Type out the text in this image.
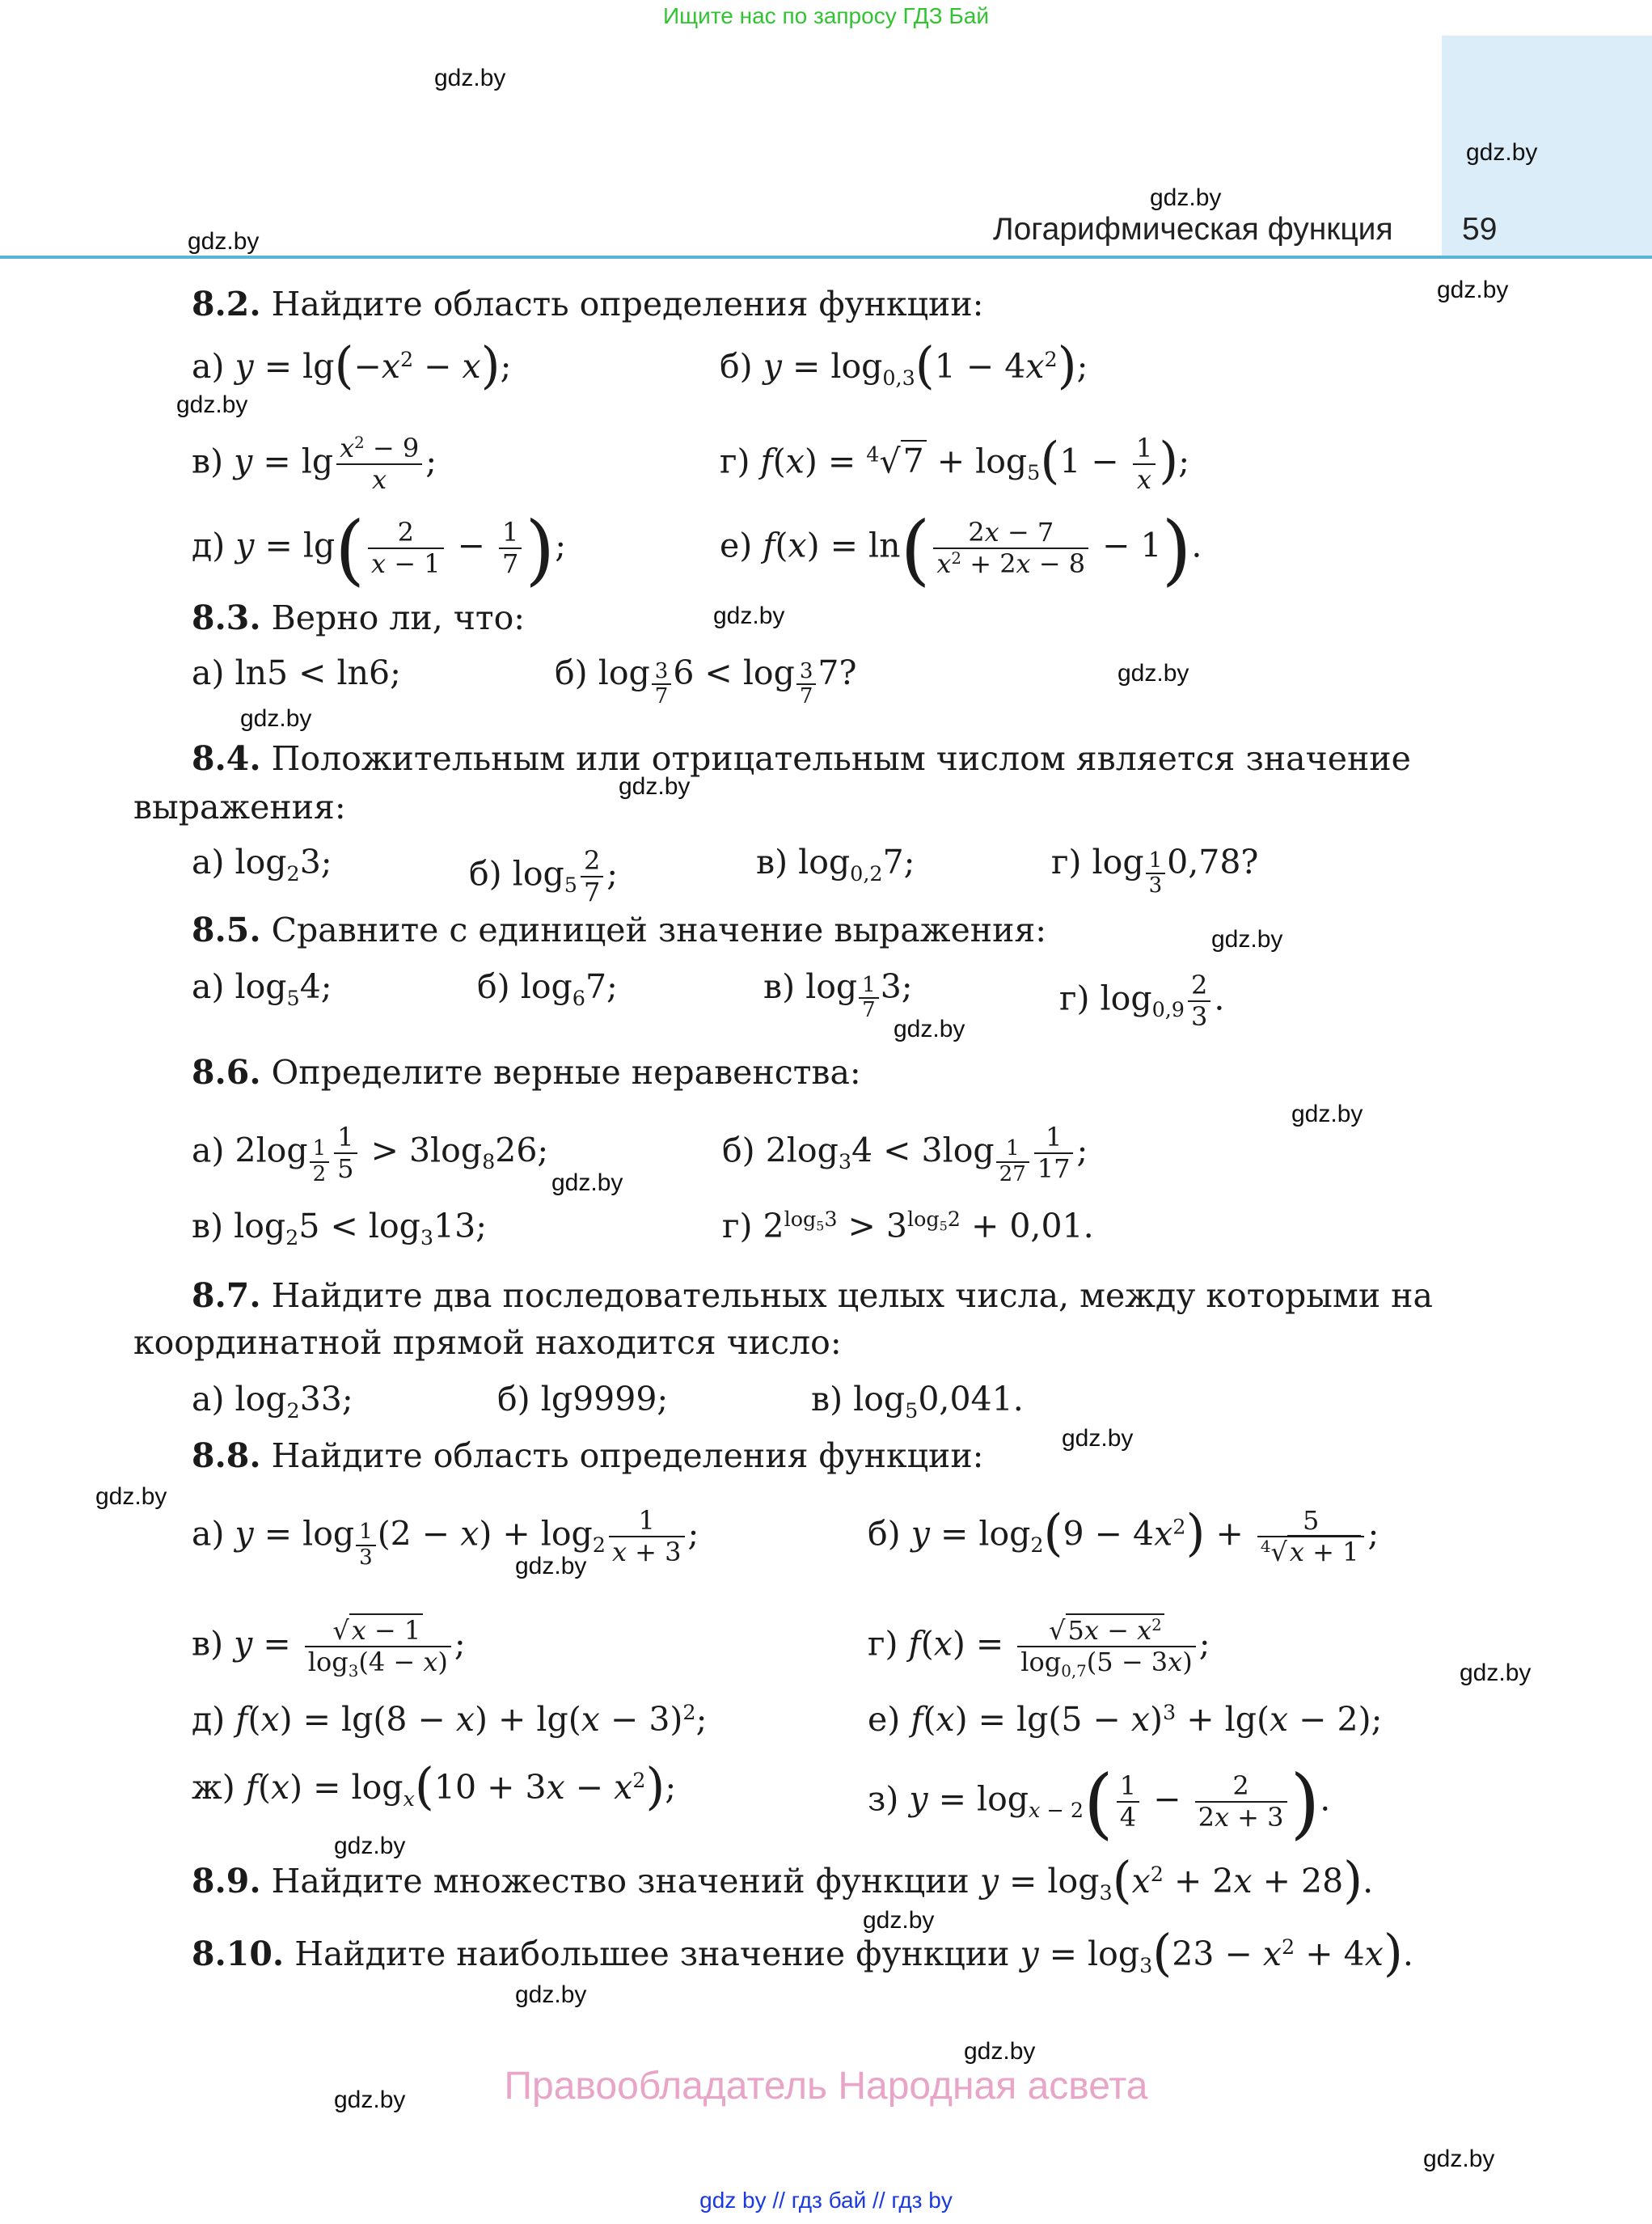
Ищите нас по запросу ГДЗ Бай
Логарифмическая функция 59
gdz.by
gdz.by
gdz.by
gdz.by
gdz.by
gdz.by
gdz.by
gdz.by
gdz.by
gdz.by
gdz.by
gdz.by
gdz.by
gdz.by
gdz.by
gdz.by
gdz.by
gdz.by
gdz.by
gdz.by
gdz.by
gdz.by
gdz.by
gdz.by
8.2. Найдите область определения функции:
а) $y = \lg(-x^2 - x)$;	б) $y = \log_{0,3}(1 - 4x^2)$;
в) $y = \lg \frac{x^2 - 9}{x}$ ;	г) $f(x) = ^4√7 + \log_5(1 - \frac{1}{x}$ );
д) $y = \lg( \frac{2}{x - 1} - \frac{1}{7}$ );	е) $f(x) = \ln( \frac{2x - 7}{x^2 + 2x - 8} - 1)$.
8.3. Верно ли, что:
а) ln5 < ln6;	б) $\log \frac{3}{7} 6 < \log \frac{3}{7} 7$?
8.4. Положительным или отрицательным числом является значение
выражения:
а) $\log_23$;	б) $\log_5 \frac{2}{7}$ ;	в) $\log_{0,2}7$;	г) $\log \frac{1}{3} 0,78$?
8.5. Сравните с единицей значение выражения:
а) $\log_54$;	б) $\log_67$;	в) $\log \frac{1}{7} 3$;	г) $\log_{0,9} \frac{2}{3}$ .
8.6. Определите верные неравенства:
а) $2\log \frac{1}{2} \frac{1}{5} > 3\log_826$;	б) $2\log_34 < 3\log \frac{1}{27} \frac{1}{17}$ ;
в) $\log_25 < \log_313$;	г) $2^{log_53} > 3^{log_52} + 0,01$.
8.7. Найдите два последовательных целых числа, между которыми на
координатной прямой находится число:
а) $\log_233$;	б) lg9999;	в) $\log_50,041$.
8.8. Найдите область определения функции:
а) $y = \log \frac{1}{3} (2 - x) + \log_2 \frac{1}{x + 3}$ ;	б) $y = \log_2(9 - 4x^2) + \frac{5}{^4√x + 1}$ ;
в) $y = \frac{√x - 1}{\log_3(4 - x)}$ ;	г) $f(x) = \frac{√5x - x^2}{\log_{0,7}(5 - 3x)}$ ;
д) $f(x) = \lg(8 - x) + \lg(x - 3)^2$;	е) $f(x) = \lg(5 - x)^3 + \lg(x - 2)$;
ж) $f(x) = \log_x(10 + 3x - x^2)$;	з) $y = \log_{x - 2}( \frac{1}{4} - \frac{2}{2x + 3}$ ).
8.9. Найдите множество значений функции $y = \log_3(x^2 + 2x + 28)$.
8.10. Найдите наибольшее значение функции $y = \log_3(23 - x^2 + 4x)$.
Правообладатель Народная асвета
gdz by // гдз бай // гдз by
